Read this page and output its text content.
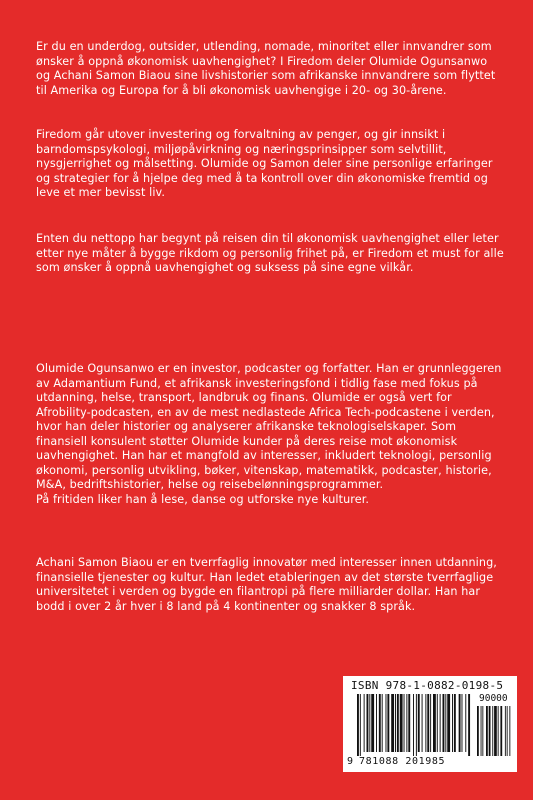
Er du en underdog, outsider, utlending, nomade, minoritet eller innvandrer som ønsker å oppnå økonomisk uavhengighet? I Firedom deler Olumide Ogunsanwo og Achani Samon Biaou sine livshistorier som afrikanske innvandrere som flyttet til Amerika og Europa for å bli økonomisk uavhengige i 20- og 30-årene.

Firedom går utover investering og forvaltning av penger, og gir innsikt i barndomspsykologi, miljøpåvirkning og næringsprinsipper som selvtillit, nysgjerrighet og målsetting. Olumide og Samon deler sine personlige erfaringer og strategier for å hjelpe deg med å ta kontroll over din økonomiske fremtid og leve et mer bevisst liv.

Enten du nettopp har begynt på reisen din til økonomisk uavhengighet eller leter etter nye måter å bygge rikdom og personlig frihet på, er Firedom et must for alle som ønsker å oppnå uavhengighet og suksess på sine egne vilkår.

Olumide Ogunsanwo er en investor, podcaster og forfatter. Han er grunnleggeren av Adamantium Fund, et afrikansk investeringsfond i tidlig fase med fokus på utdanning, helse, transport, landbruk og finans. Olumide er også vert for Afrobility-podcasten, en av de mest nedlastede Africa Tech-podcastene i verden, hvor han deler historier og analyserer afrikanske teknologiselskaper. Som finansiell konsulent støtter Olumide kunder på deres reise mot økonomisk uavhengighet. Han har et mangfold av interesser, inkludert teknologi, personlig økonomi, personlig utvikling, bøker, vitenskap, matematikk, podcaster, historie, M&A, bedriftshistorier, helse og reisebelønningsprogrammer.
På fritiden liker han å lese, danse og utforske nye kulturer.

Achani Samon Biaou er en tverrfaglig innovatør med interesser innen utdanning, finansielle tjenester og kultur. Han ledet etableringen av det største tverrfaglige universitetet i verden og bygde en filantropi på flere milliarder dollar. Han har bodd i over 2 år hver i 8 land på 4 kontinenter og snakker 8 språk.

ISBN 978-1-0882-0198-5
90000
9 781088 201985
